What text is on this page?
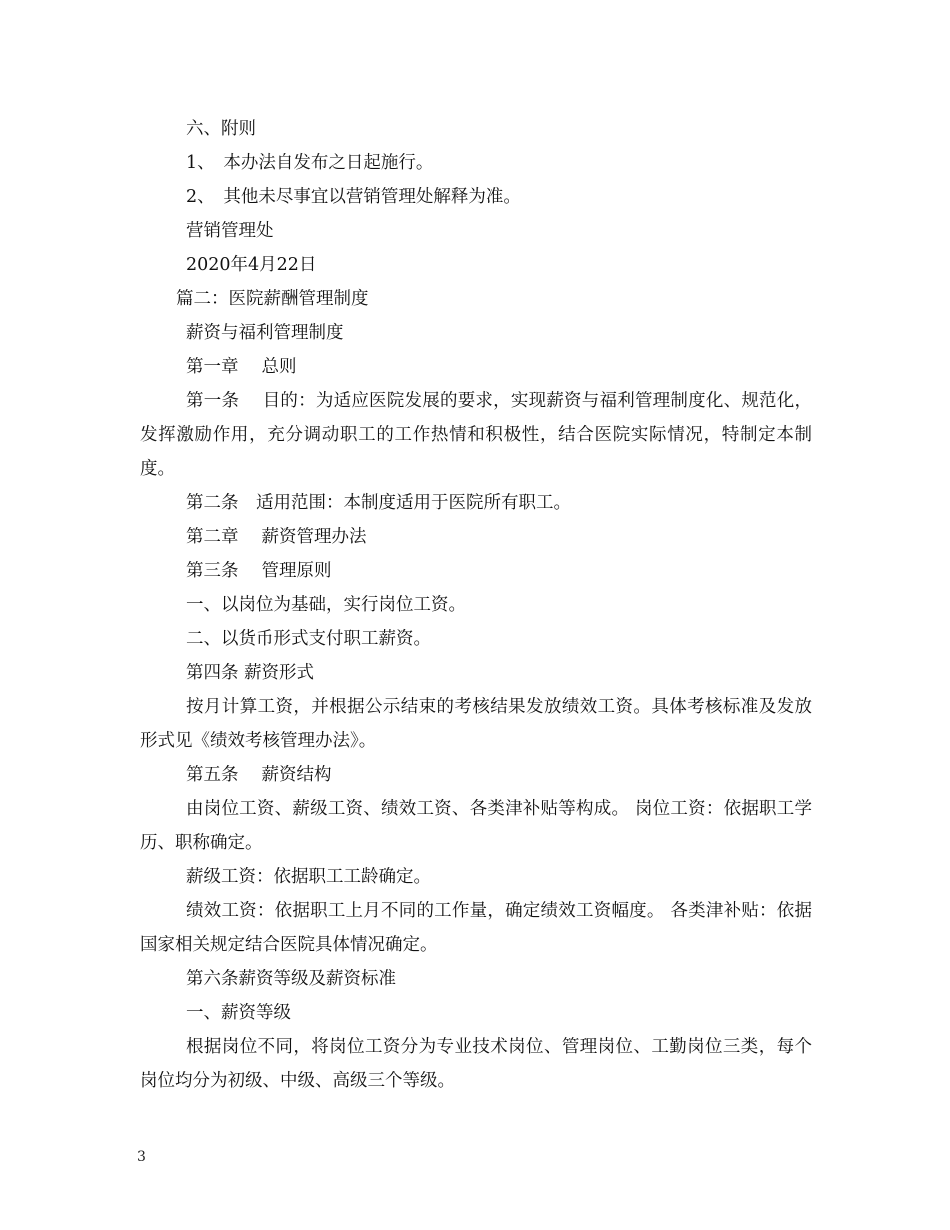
六、附则

1、　本办法自发布之日起施行。

2、　其他未尽事宜以营销管理处解释为准。

营销管理处

2020年4月22日

篇二：医院薪酬管理制度

薪资与福利管理制度

第一章　 总则

第一条　 目的：为适应医院发展的要求，实现薪资与福利管理制度化、规范化，发挥激励作用，充分调动职工的工作热情和积极性，结合医院实际情况，特制定本制度。

第二条　适用范围：本制度适用于医院所有职工。

第二章　 薪资管理办法

第三条　 管理原则

一、以岗位为基础，实行岗位工资。

二、以货币形式支付职工薪资。

第四条 薪资形式

按月计算工资，并根据公示结束的考核结果发放绩效工资。具体考核标准及发放形式见《绩效考核管理办法》。

第五条　 薪资结构

由岗位工资、薪级工资、绩效工资、各类津补贴等构成。 岗位工资：依据职工学历、职称确定。

薪级工资：依据职工工龄确定。

绩效工资：依据职工上月不同的工作量，确定绩效工资幅度。 各类津补贴：依据国家相关规定结合医院具体情况确定。

第六条薪资等级及薪资标准

一、薪资等级

根据岗位不同，将岗位工资分为专业技术岗位、管理岗位、工勤岗位三类，每个岗位均分为初级、中级、高级三个等级。

3
